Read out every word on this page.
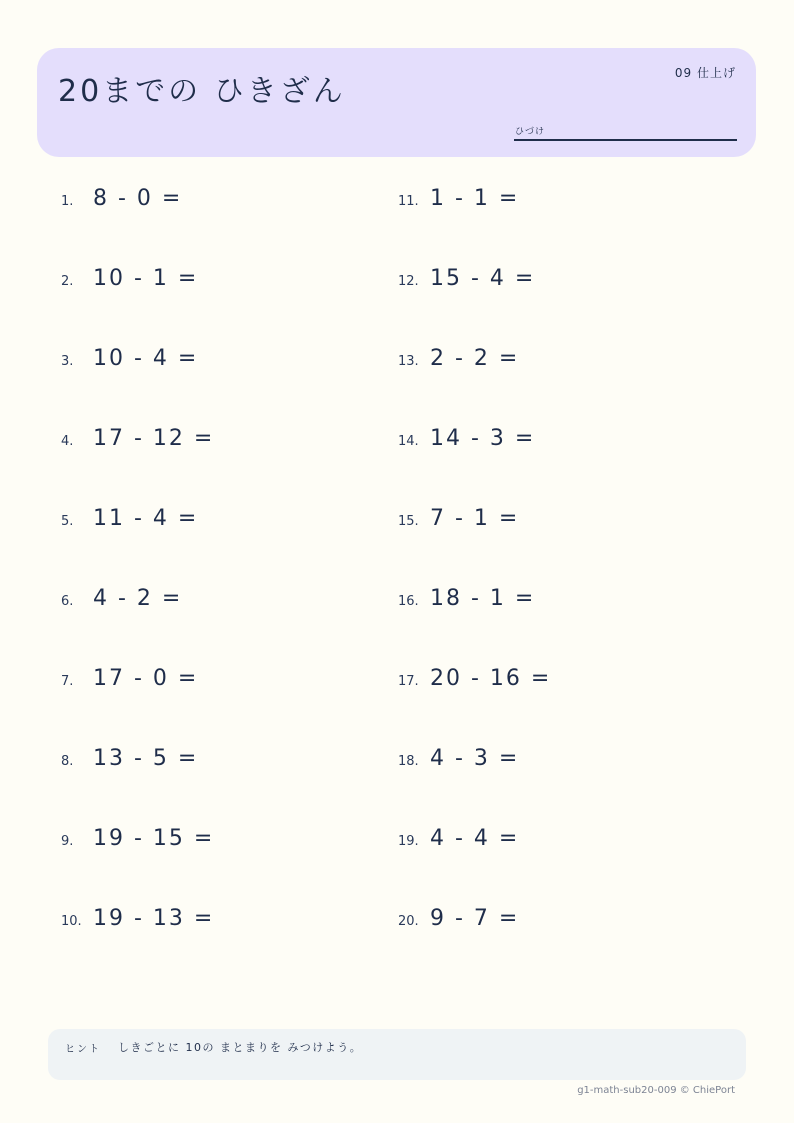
20までの ひきざん
09 仕上げ
ひづけ
1. 8 - 0 =
2. 10 - 1 =
3. 10 - 4 =
4. 17 - 12 =
5. 11 - 4 =
6. 4 - 2 =
7. 17 - 0 =
8. 13 - 5 =
9. 19 - 15 =
10. 19 - 13 =
11. 1 - 1 =
12. 15 - 4 =
13. 2 - 2 =
14. 14 - 3 =
15. 7 - 1 =
16. 18 - 1 =
17. 20 - 16 =
18. 4 - 3 =
19. 4 - 4 =
20. 9 - 7 =
ヒント しきごとに 10の まとまりを みつけよう。
g1-math-sub20-009 © ChiePort
